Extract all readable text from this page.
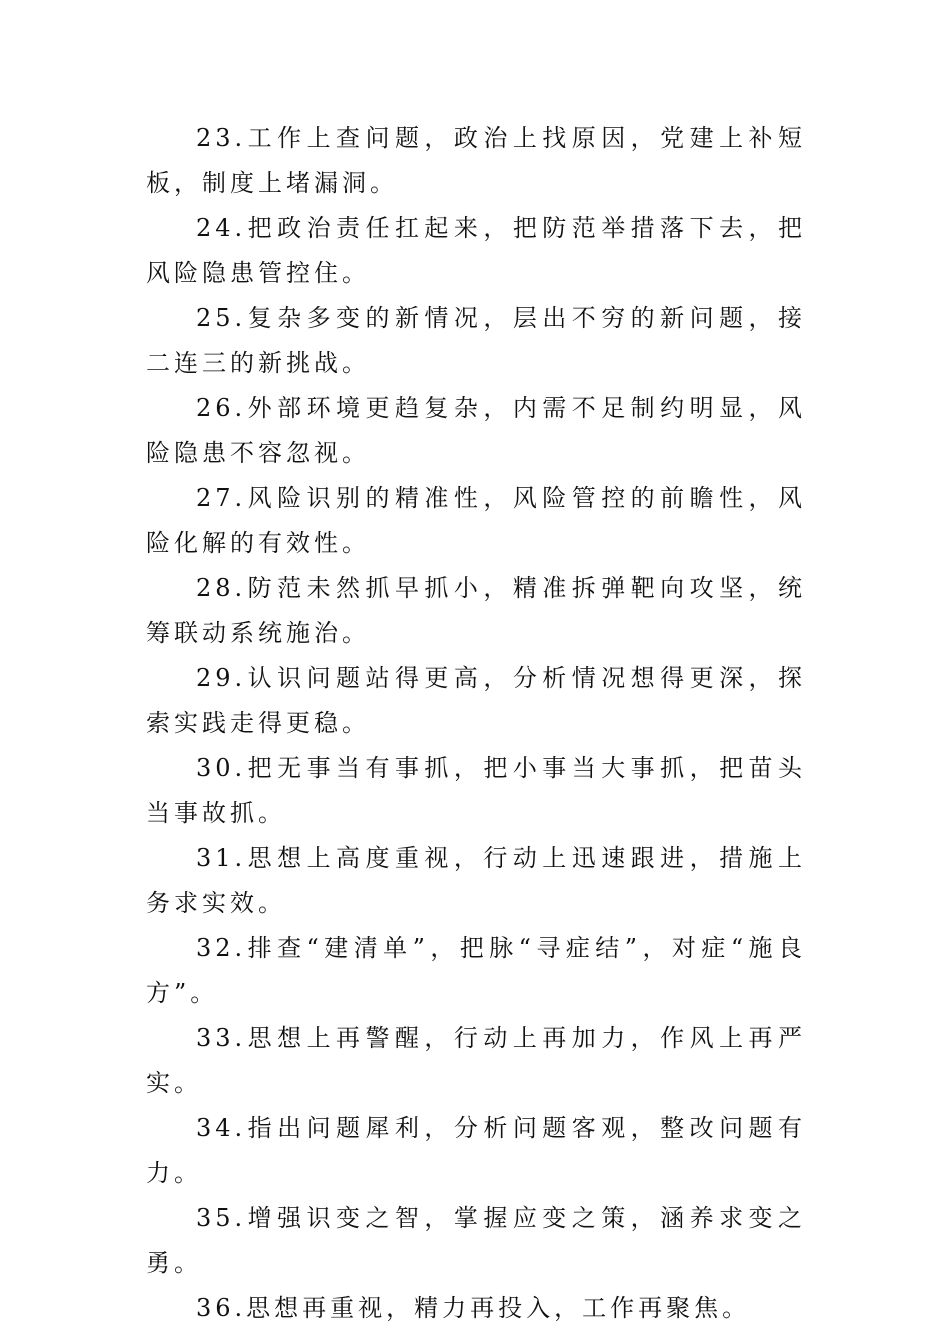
23.工作上查问题，政治上找原因，党建上补短板，制度上堵漏洞。

24.把政治责任扛起来，把防范举措落下去，把风险隐患管控住。

25.复杂多变的新情况，层出不穷的新问题，接二连三的新挑战。

26.外部环境更趋复杂，内需不足制约明显，风险隐患不容忽视。

27.风险识别的精准性，风险管控的前瞻性，风险化解的有效性。

28.防范未然抓早抓小，精准拆弹靶向攻坚，统筹联动系统施治。

29.认识问题站得更高，分析情况想得更深，探索实践走得更稳。

30.把无事当有事抓，把小事当大事抓，把苗头当事故抓。

31.思想上高度重视，行动上迅速跟进，措施上务求实效。

32.排查“建清单”，把脉“寻症结”，对症“施良方”。

33.思想上再警醒，行动上再加力，作风上再严实。

34.指出问题犀利，分析问题客观，整改问题有力。

35.增强识变之智，掌握应变之策，涵养求变之勇。

36.思想再重视，精力再投入，工作再聚焦。
